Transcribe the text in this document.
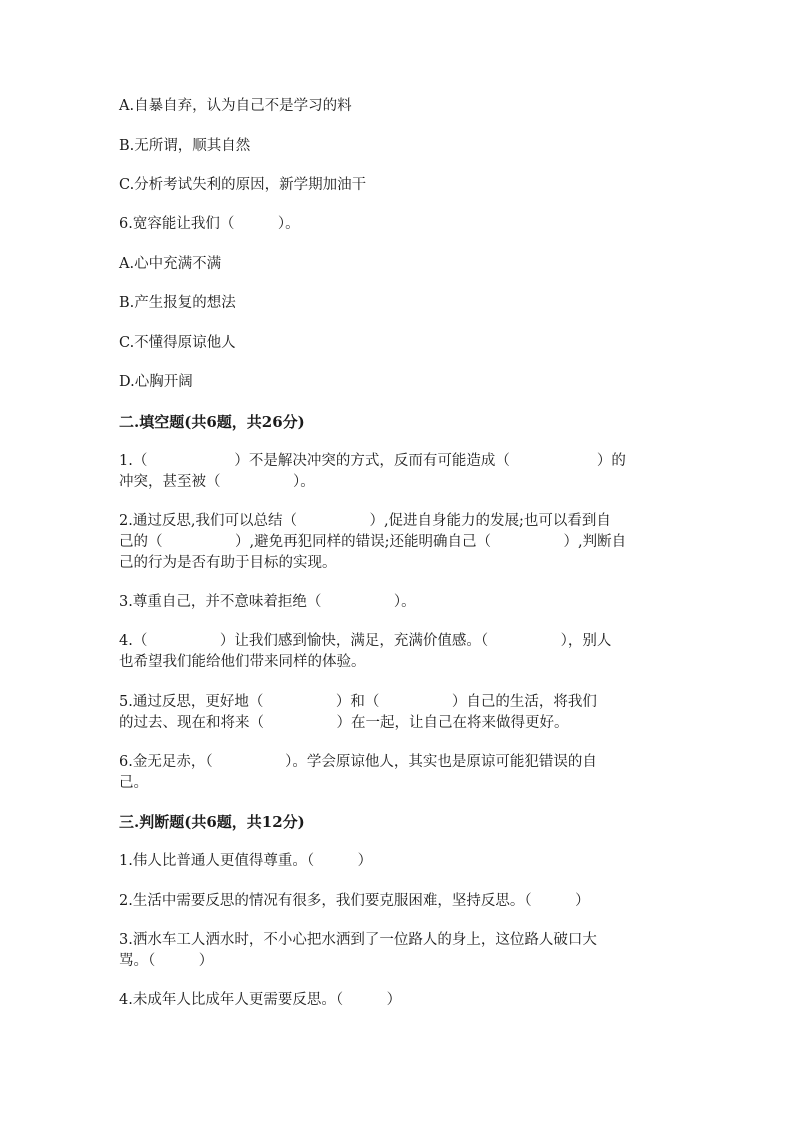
A.自暴自弃，认为自己不是学习的料

B.无所谓，顺其自然

C.分析考试失利的原因，新学期加油干

6.宽容能让我们（　　　）。

A.心中充满不满

B.产生报复的想法

C.不懂得原谅他人

D.心胸开阔

二.填空题(共6题，共26分)

1.（　　　　　　）不是解决冲突的方式，反而有可能造成（　　　　　　）的

冲突，甚至被（　　　　　）。

2.通过反思,我们可以总结（　　　　　）,促进自身能力的发展;也可以看到自

己的（　　　　　）,避免再犯同样的错误;还能明确自己（　　　　　）,判断自

己的行为是否有助于目标的实现。

3.尊重自己，并不意味着拒绝（　　　　　）。

4.（　　　　　）让我们感到愉快，满足，充满价值感。（　　　　　），别人

也希望我们能给他们带来同样的体验。

5.通过反思，更好地（　　　　　）和（　　　　　）自己的生活，将我们

的过去、现在和将来（　　　　　）在一起，让自己在将来做得更好。

6.金无足赤，（　　　　　）。学会原谅他人，其实也是原谅可能犯错误的自

己。

三.判断题(共6题，共12分)

1.伟人比普通人更值得尊重。（　　　）

2.生活中需要反思的情况有很多，我们要克服困难，坚持反思。（　　　）

3.洒水车工人洒水时，不小心把水洒到了一位路人的身上，这位路人破口大

骂。（　　　）

4.未成年人比成年人更需要反思。（　　　）
